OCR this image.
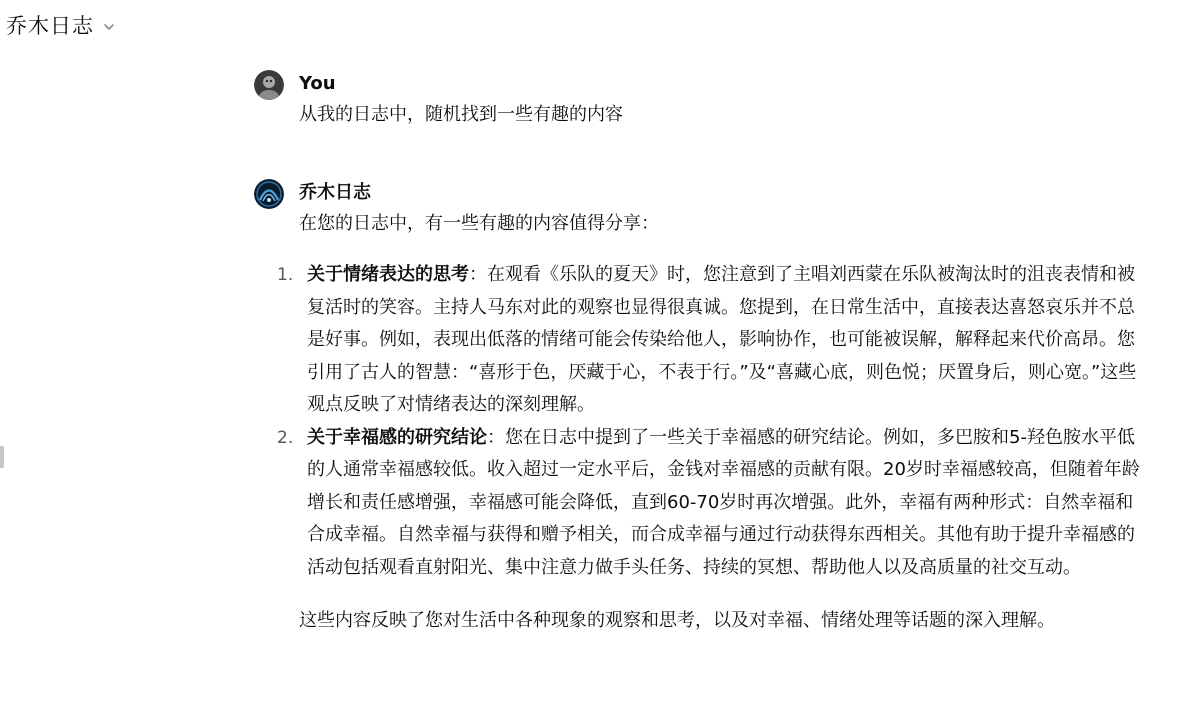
乔木日志
You
从我的日志中，随机找到一些有趣的内容
乔木日志
在您的日志中，有一些有趣的内容值得分享：
1. 关于情绪表达的思考：在观看《乐队的夏天》时，您注意到了主唱刘西蒙在乐队被淘汰时的沮丧表情和被复活时的笑容。主持人马东对此的观察也显得很真诚。您提到，在日常生活中，直接表达喜怒哀乐并不总是好事。例如，表现出低落的情绪可能会传染给他人，影响协作，也可能被误解，解释起来代价高昂。您引用了古人的智慧：“喜形于色，厌藏于心，不表于行。”及“喜藏心底，则色悦；厌置身后，则心宽。”这些观点反映了对情绪表达的深刻理解。
2. 关于幸福感的研究结论：您在日志中提到了一些关于幸福感的研究结论。例如，多巴胺和5-羟色胺水平低的人通常幸福感较低。收入超过一定水平后，金钱对幸福感的贡献有限。20岁时幸福感较高，但随着年龄增长和责任感增强，幸福感可能会降低，直到60-70岁时再次增强。此外，幸福有两种形式：自然幸福和合成幸福。自然幸福与获得和赠予相关，而合成幸福与通过行动获得东西相关。其他有助于提升幸福感的活动包括观看直射阳光、集中注意力做手头任务、持续的冥想、帮助他人以及高质量的社交互动。
这些内容反映了您对生活中各种现象的观察和思考，以及对幸福、情绪处理等话题的深入理解。
